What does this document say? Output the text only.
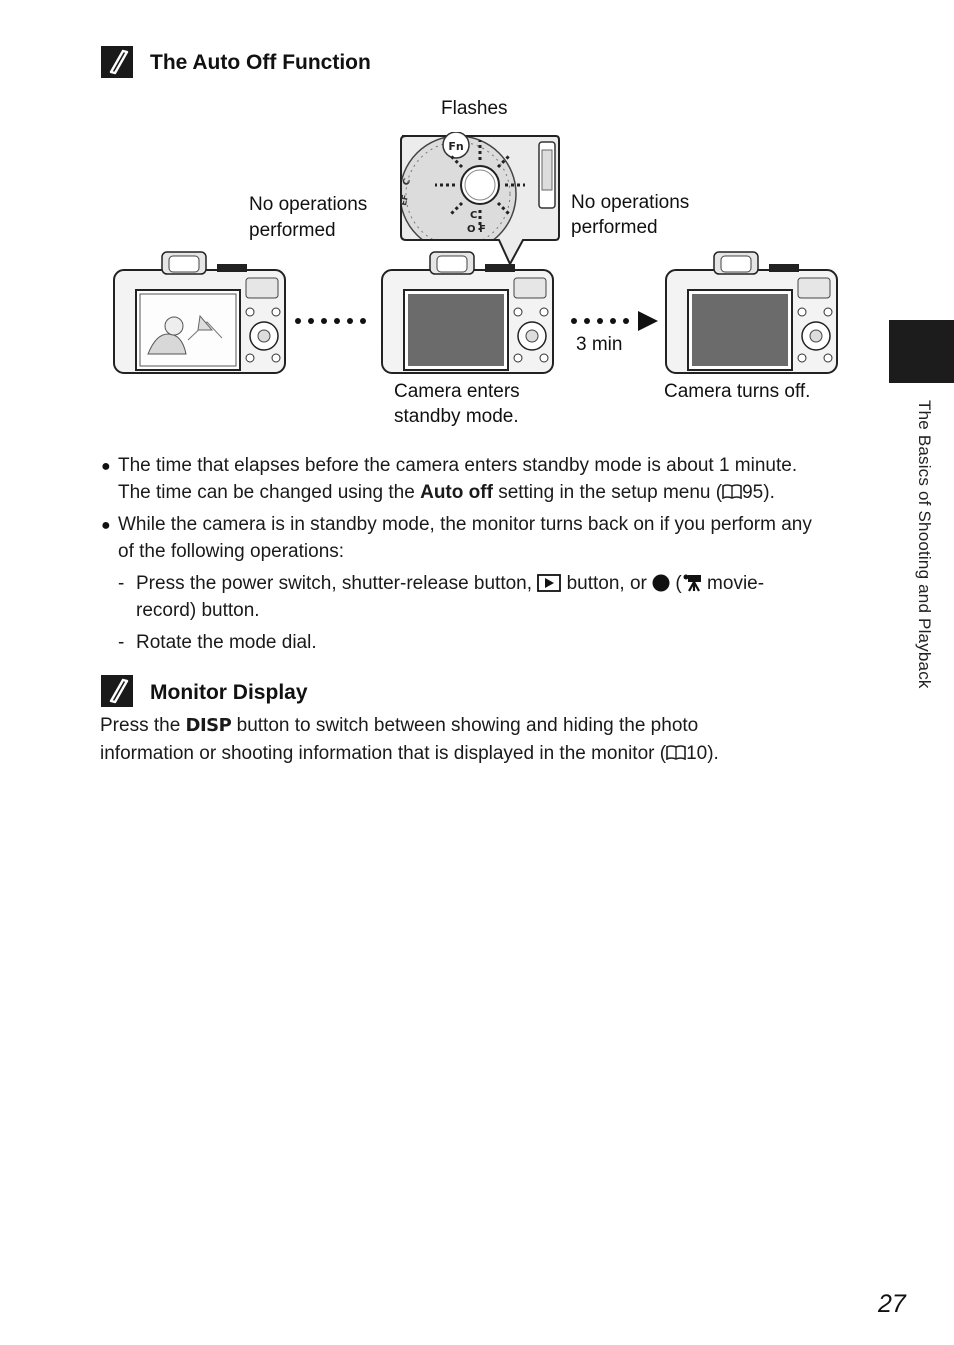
The Auto Off Function
Flashes
No operations
performed
No operations
performed
3 min
Camera enters
standby mode.
Camera turns off.
Fn
C
O F
C
EF
● The time that elapses before the camera enters standby mode is about 1 minute.
The time can be changed using the Auto off setting in the setup menu ( 95).
● While the camera is in standby mode, the monitor turns back on if you perform any
of the following operations:
- Press the power switch, shutter-release button, button, or  ( movie-
record) button.
- Rotate the mode dial.
Monitor Display
Press the DISP button to switch between showing and hiding the photo
information or shooting information that is displayed in the monitor ( 10).
The Basics of Shooting and Playback
27
